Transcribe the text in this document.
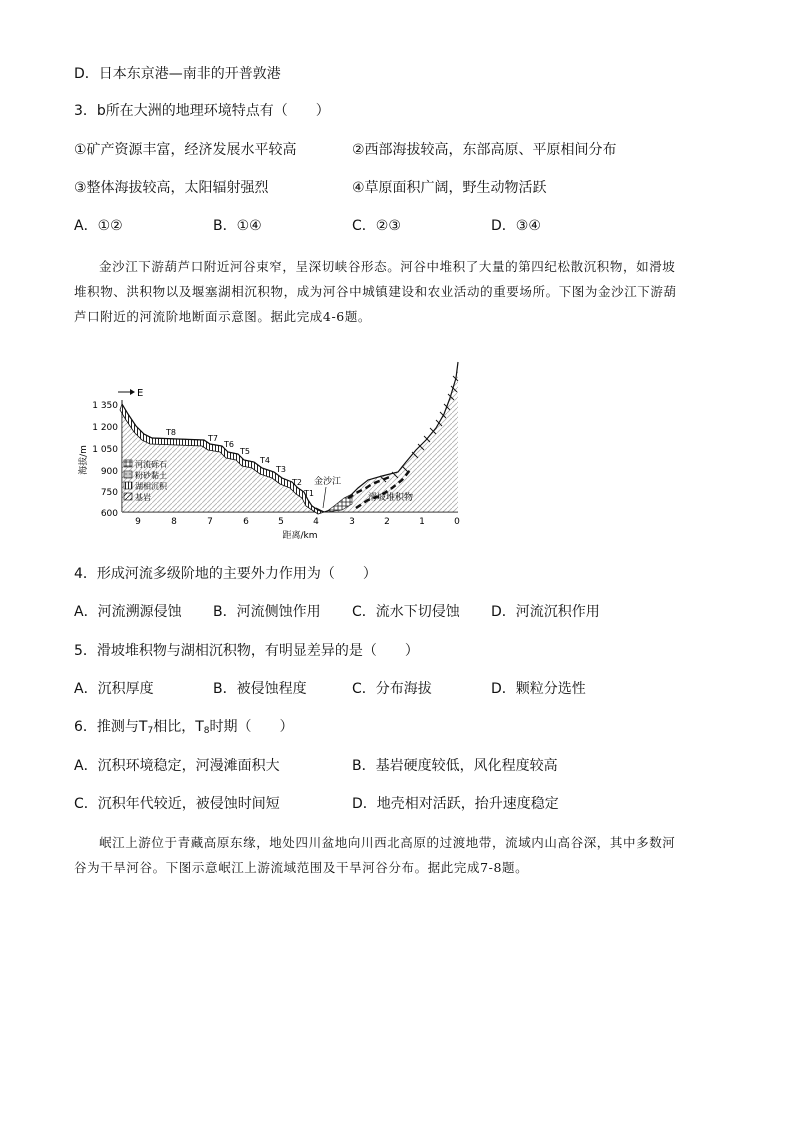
D．日本东京港—南非的开普敦港
3．b所在大洲的地理环境特点有（　　）
①矿产资源丰富，经济发展水平较高	②西部海拔较高，东部高原、平原相间分布
③整体海拔较高，太阳辐射强烈	④草原面积广阔，野生动物活跃
A．①②	B．①④	C．②③	D．③④
金沙江下游葫芦口附近河谷束窄，呈深切峡谷形态。河谷中堆积了大量的第四纪松散沉积物，如滑坡
堆积物、洪积物以及堰塞湖相沉积物，成为河谷中城镇建设和农业活动的重要场所。下图为金沙江下游葫
芦口附近的河流阶地断面示意图。据此完成4-6题。
E
海拔/m
1 350
1 200
1 050
900
750
600
9	8	7	6	5	4	3	2	1	0
距离/km
T8
T7
T6
T5
T4
T3
T2
T1
金沙江
滑坡堆积物
河流砾石
粉砂黏土
湖相沉积
基岩
4．形成河流多级阶地的主要外力作用为（　　）
A．河流溯源侵蚀 B．河流侧蚀作用 C．流水下切侵蚀 D．河流沉积作用
5．滑坡堆积物与湖相沉积物，有明显差异的是（　　）
A．沉积厚度	B．被侵蚀程度	C．分布海拔	D．颗粒分选性
6．推测与$T_7$相比，$T_8$时期（　　）
A．沉积环境稳定，河漫滩面积大	B．基岩硬度较低，风化程度较高
C．沉积年代较近，被侵蚀时间短	D．地壳相对活跃，抬升速度稳定
岷江上游位于青藏高原东缘，地处四川盆地向川西北高原的过渡地带，流域内山高谷深，其中多数河
谷为干旱河谷。下图示意岷江上游流域范围及干旱河谷分布。据此完成7-8题。
